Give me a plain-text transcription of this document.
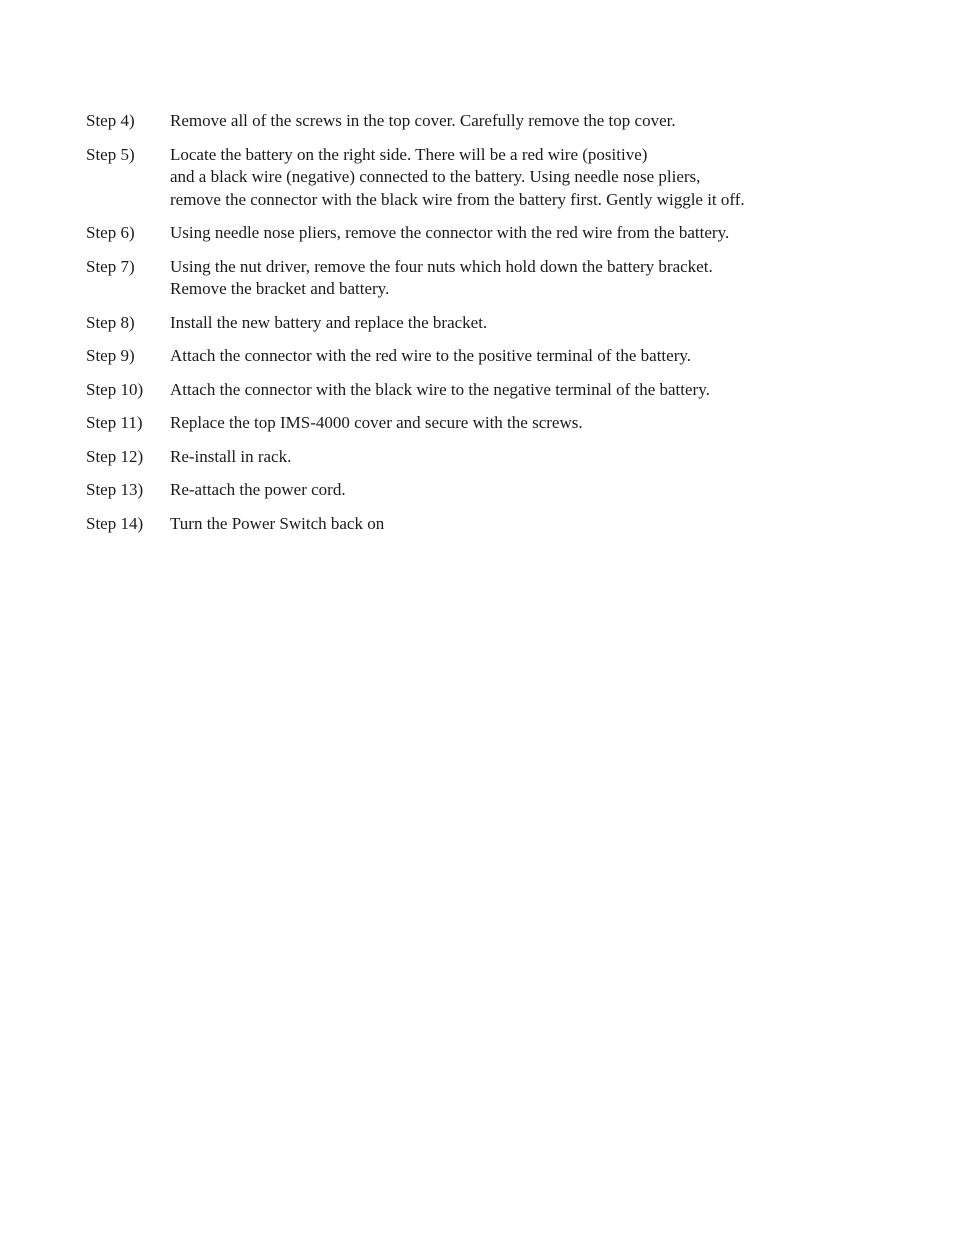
Step 4)	Remove all of the screws in the top cover. Carefully remove the top cover.
Step 5)	Locate the battery on the right side. There will be a red wire (positive)
and a black wire (negative) connected to the battery. Using needle nose pliers,
remove the connector with the black wire from the battery first. Gently wiggle it off.
Step 6)	Using needle nose pliers, remove the connector with the red wire from the battery.
Step 7)	Using the nut driver, remove the four nuts which hold down the battery bracket.
Remove the bracket and battery.
Step 8)	Install the new battery and replace the bracket.
Step 9)	Attach the connector with the red wire to the positive terminal of the battery.
Step 10)	Attach the connector with the black wire to the negative terminal of the battery.
Step 11)	Replace the top IMS-4000 cover and secure with the screws.
Step 12)	Re-install in rack.
Step 13)	Re-attach the power cord.
Step 14)	Turn the Power Switch back on
